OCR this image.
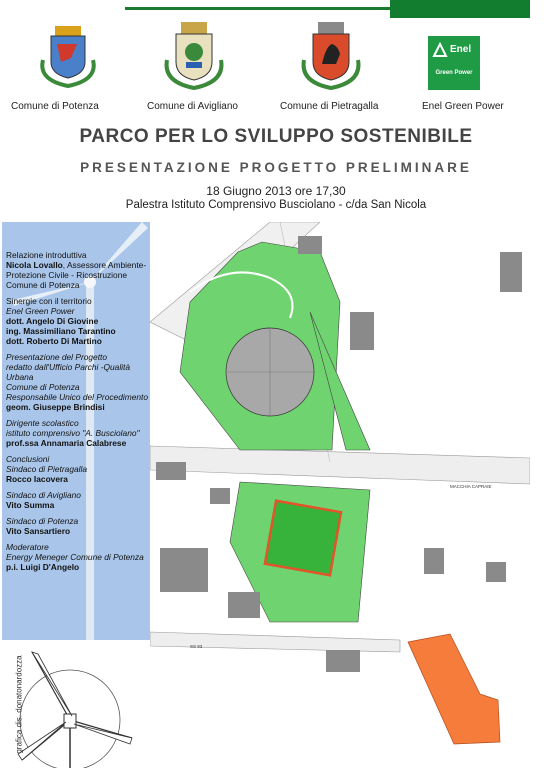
Enel
Green Power
Comune di Potenza	Comune di Avigliano	Comune di Pietragalla	Enel Green Power
PARCO PER LO SVILUPPO SOSTENIBILE
PRESENTAZIONE PROGETTO PRELIMINARE
18 Giugno 2013 ore 17,30
Palestra Istituto Comprensivo Busciolano - c/da San Nicola
Relazione introduttiva
Nicola Lovallo, Assessore Ambiente-Protezione Civile - Ricostruzione Comune di Potenza
Sinergie con il territorio
Enel Green Power
dott. Angelo Di Giovine
ing. Massimiliano Tarantino
dott. Roberto Di Martino
Presentazione del Progetto
redatto dall'Ufficio Parchi -Qualità Urbana
Comune di Potenza
Responsabile Unico del Procedimento
geom. Giuseppe Brindisi
Dirigente scolastico
istituto comprensivo "A. Busciolano"
prof.ssa Annamaria Calabrese
Conclusioni
Sindaco di Pietragalla
Rocco Iacovera
Sindaco di Avigliano
Vito Summa
Sindaco di Potenza
Vito Sansartiero
Moderatore
Energy Meneger Comune di Potenza
p.i. Luigi D'Angelo
MACCHIA CAPRAIE
SS 93
grafica dis. donatonardozza
